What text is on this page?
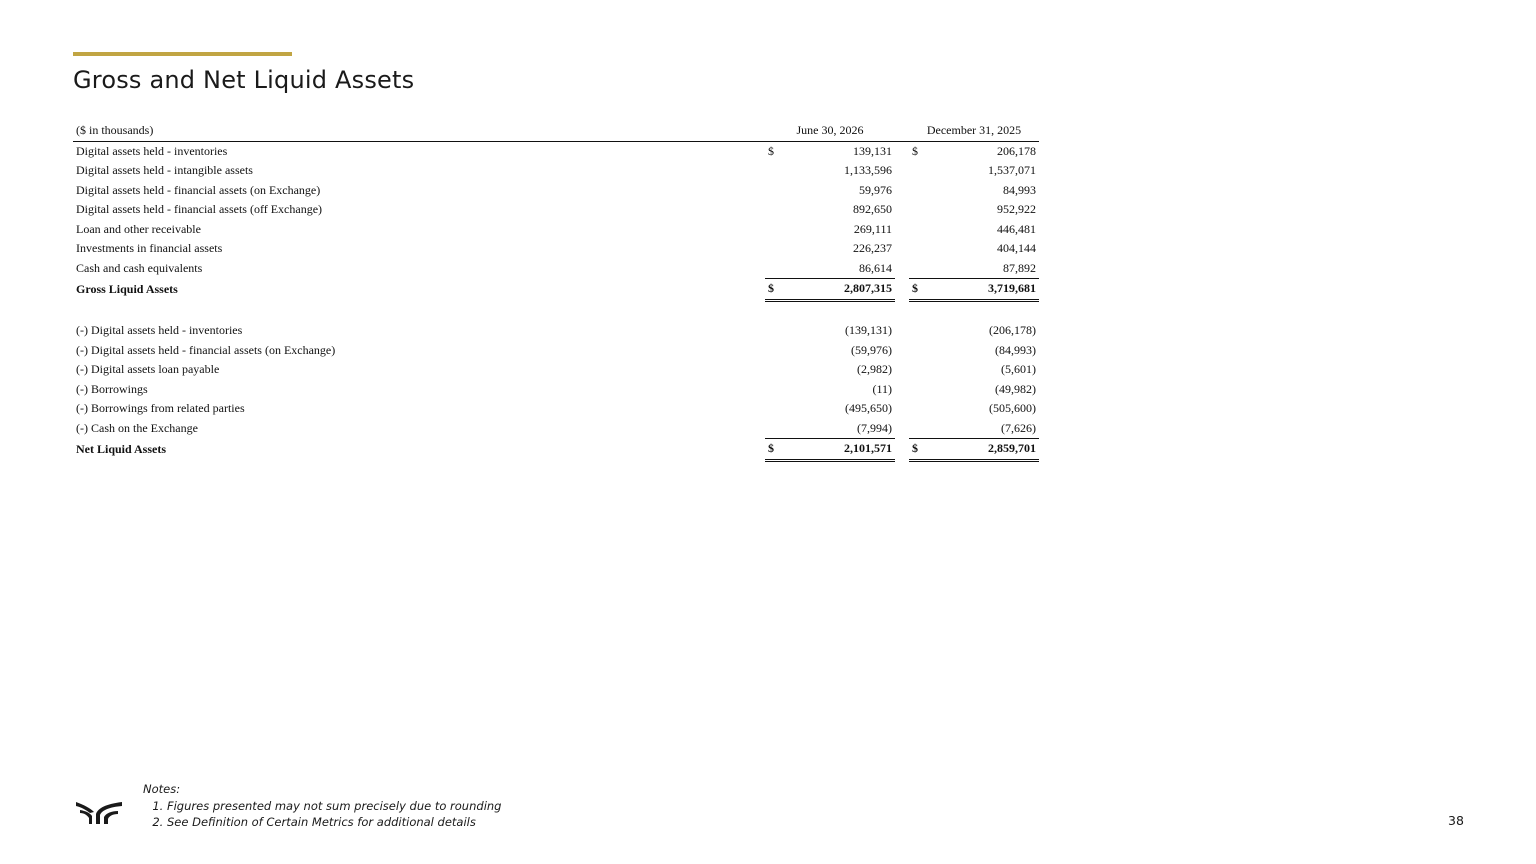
Gross and Net Liquid Assets
($ in thousands)	June 30, 2026			December 31, 2025	
Digital assets held - inventories	$	139,131		$	206,178
Digital assets held - intangible assets		1,133,596			1,537,071
Digital assets held - financial assets (on Exchange)		59,976			84,993
Digital assets held - financial assets (off Exchange)		892,650			952,922
Loan and other receivable		269,111			446,481
Investments in financial assets		226,237			404,144
Cash and cash equivalents		86,614			87,892
Gross Liquid Assets	$	2,807,315		$	3,719,681

(-) Digital assets held - inventories		(139,131)			(206,178)
(-) Digital assets held - financial assets (on Exchange)		(59,976)			(84,993)
(-) Digital assets loan payable		(2,982)			(5,601)
(-) Borrowings		(11)			(49,982)
(-) Borrowings from related parties		(495,650)			(505,600)
(-) Cash on the Exchange		(7,994)			(7,626)
Net Liquid Assets	$	2,101,571		$	2,859,701
Notes:
1. Figures presented may not sum precisely due to rounding
2. See Definition of Certain Metrics for additional details	38
